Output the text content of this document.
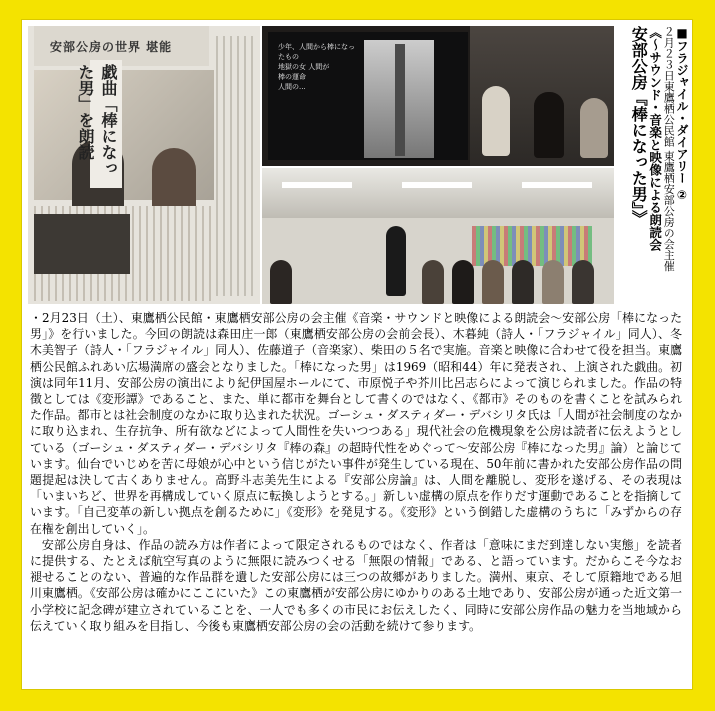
安部公房の世界 堪能
戯曲「棒になった男」を朗読
少年、人間から棒になったもの
地獄の女 人間が
棒の運命
人間の...	■フラジャイル・ダイアリー ②
２月２３日東鷹栖公民館 東鷹栖安部公房の会主催
《〜サウンド・音楽と映像による朗読会
安部公房『棒になった男』》

・2月23日（土）、東鷹栖公民館・東鷹栖安部公房の会主催《音楽・サウンドと映像による朗読会〜安部公房「棒になった男」》を行いました。今回の朗読は森田庄一郎（東鷹栖安部公房の会前会長）、木暮純（詩人・「フラジャイル」同人）、冬木美智子（詩人・「フラジャイル」同人）、佐藤道子（音楽家）、柴田の５名で実施。音楽と映像に合わせて役を担当。東鷹栖公民館ふれあい広場満席の盛会となりました。「棒になった男」は1969（昭和44）年に発表され、上演された戯曲。初演は同年11月、安部公房の演出により紀伊国屋ホールにて、市原悦子や芥川比呂志らによって演じられました。作品の特徴としては《変形譚》であること、また、単に都市を舞台として書くのではなく、《都市》そのものを書くことを試みられた作品。都市とは社会制度のなかに取り込まれた状況。ゴーシュ・ダスティダー・デバシリタ氏は「人間が社会制度のなかに取り込まれ、生存抗争、所有欲などによって人間性を失いつつある」現代社会の危機現象を公房は読者に伝えようとしている（ゴーシュ・ダスティダー・デバシリタ『棒の森』の超時代性をめぐって〜安部公房『棒になった男』論）と論じています。仙台でいじめを苦に母娘が心中という信じがたい事件が発生している現在、50年前に書かれた安部公房作品の問題提起は決して古くありません。高野斗志美先生による『安部公房論』は、人間を離脱し、変形を遂げる、その表現は「いまいちど、世界を再構成していく原点に転換しようとする。」新しい虚構の原点を作りだす運動であることを指摘しています。「自己変革の新しい拠点を創るために」《変形》を発見する。《変形》という倒錯した虚構のうちに「みずからの存在権を創出していく」。

安部公房自身は、作品の読み方は作者によって限定されるものではなく、作者は「意味にまだ到達しない実態」を読者に提供する、たとえば航空写真のように無限に読みつくせる「無限の情報」である、と語っています。だからこそ今なお褪せることのない、普遍的な作品群を遺した安部公房には三つの故郷がありました。満州、東京、そして原籍地である旭川東鷹栖。《安部公房は確かにここにいた》この東鷹栖が安部公房にゆかりのある土地であり、安部公房が通った近文第一小学校に記念碑が建立されていることを、一人でも多くの市民にお伝えしたく、同時に安部公房作品の魅力を当地域から伝えていく取り組みを目指し、今後も東鷹栖安部公房の会の活動を続けて参ります。
